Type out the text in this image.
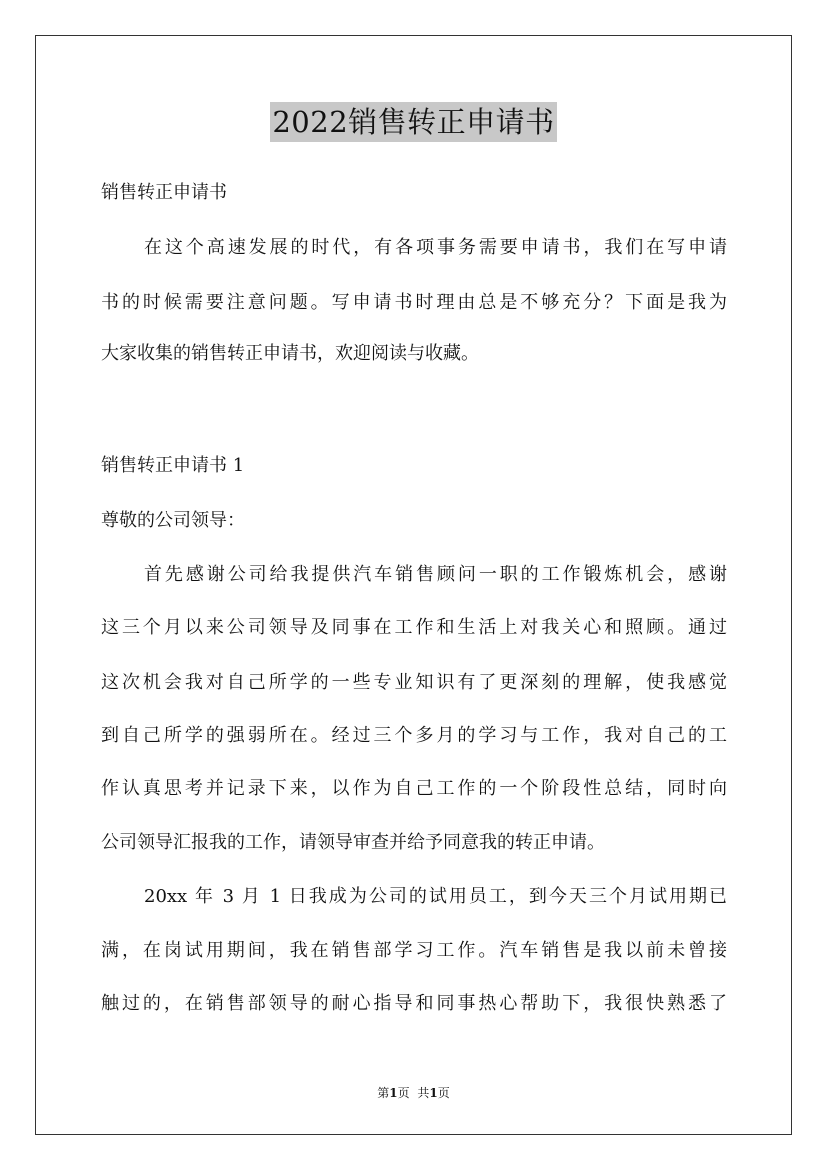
2022销售转正申请书
销售转正申请书
在这个高速发展的时代，有各项事务需要申请书，我们在写申请
书的时候需要注意问题。写申请书时理由总是不够充分？下面是我为
大家收集的销售转正申请书，欢迎阅读与收藏。
销售转正申请书 1
尊敬的公司领导：
首先感谢公司给我提供汽车销售顾问一职的工作锻炼机会，感谢
这三个月以来公司领导及同事在工作和生活上对我关心和照顾。通过
这次机会我对自己所学的一些专业知识有了更深刻的理解，使我感觉
到自己所学的强弱所在。经过三个多月的学习与工作，我对自己的工
作认真思考并记录下来，以作为自己工作的一个阶段性总结，同时向
公司领导汇报我的工作，请领导审查并给予同意我的转正申请。
20xx 年 3 月 1 日我成为公司的试用员工，到今天三个月试用期已
满，在岗试用期间，我在销售部学习工作。汽车销售是我以前未曾接
触过的，在销售部领导的耐心指导和同事热心帮助下，我很快熟悉了
第1页 共1页
